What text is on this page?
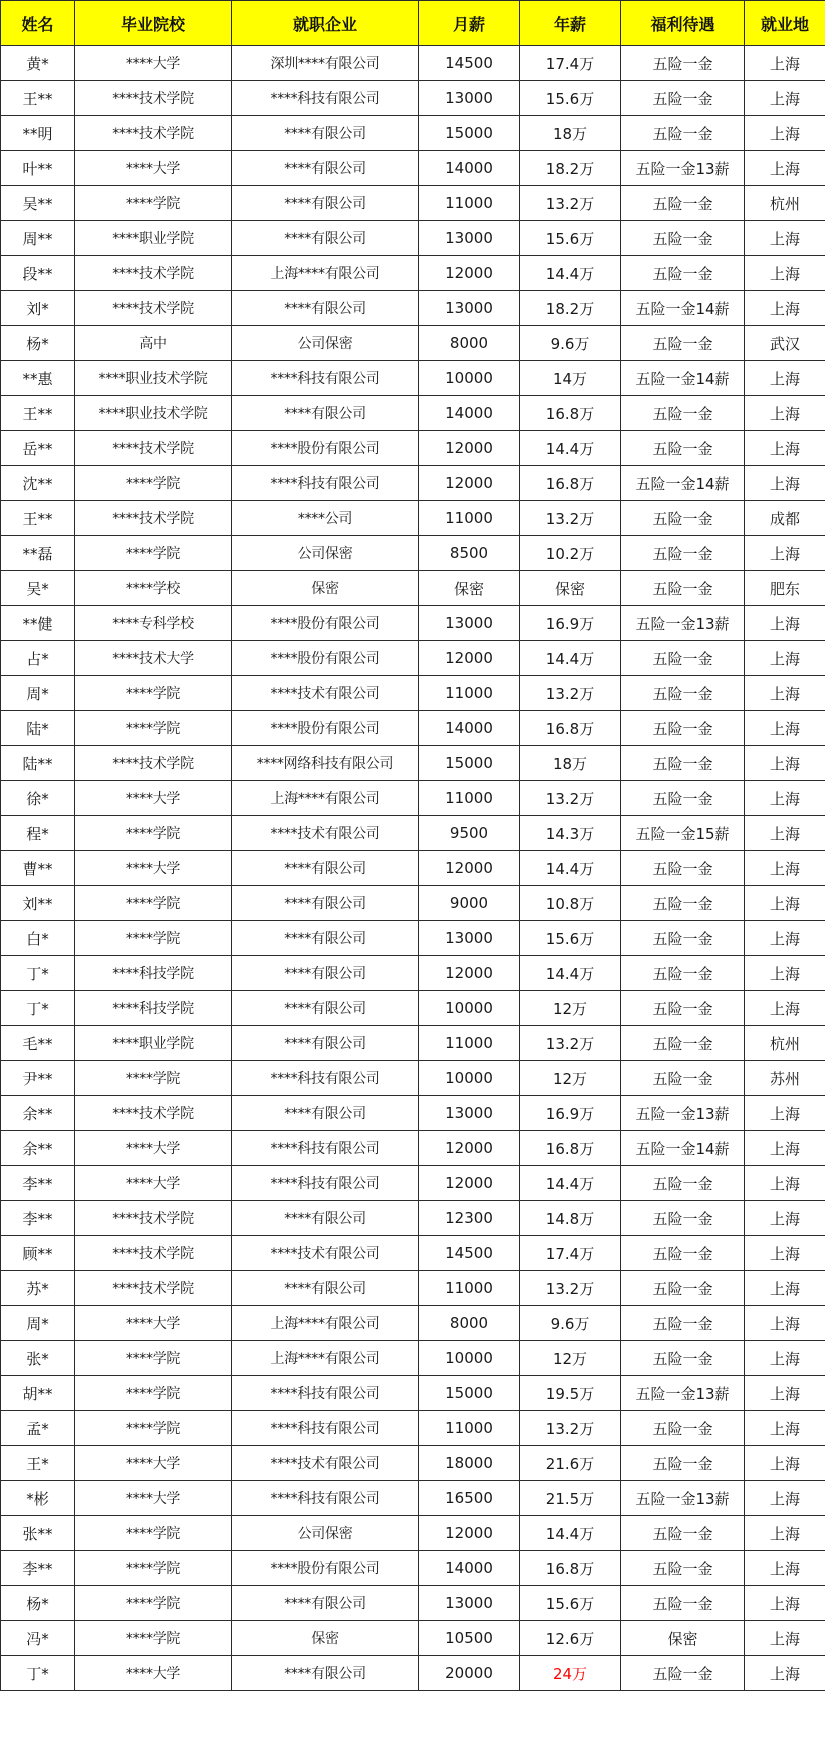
姓名	毕业院校	就职企业	月薪	年薪	福利待遇	就业地
黄*	****大学	深圳****有限公司	14500	17.4万	五险一金	上海
王**	****技术学院	****科技有限公司	13000	15.6万	五险一金	上海
**明	****技术学院	****有限公司	15000	18万	五险一金	上海
叶**	****大学	****有限公司	14000	18.2万	五险一金13薪	上海
吴**	****学院	****有限公司	11000	13.2万	五险一金	杭州
周**	****职业学院	****有限公司	13000	15.6万	五险一金	上海
段**	****技术学院	上海****有限公司	12000	14.4万	五险一金	上海
刘*	****技术学院	****有限公司	13000	18.2万	五险一金14薪	上海
杨*	高中	公司保密	8000	9.6万	五险一金	武汉
**惠	****职业技术学院	****科技有限公司	10000	14万	五险一金14薪	上海
王**	****职业技术学院	****有限公司	14000	16.8万	五险一金	上海
岳**	****技术学院	****股份有限公司	12000	14.4万	五险一金	上海
沈**	****学院	****科技有限公司	12000	16.8万	五险一金14薪	上海
王**	****技术学院	****公司	11000	13.2万	五险一金	成都
**磊	****学院	公司保密	8500	10.2万	五险一金	上海
吴*	****学校	保密	保密	保密	五险一金	肥东
**健	****专科学校	****股份有限公司	13000	16.9万	五险一金13薪	上海
占*	****技术大学	****股份有限公司	12000	14.4万	五险一金	上海
周*	****学院	****技术有限公司	11000	13.2万	五险一金	上海
陆*	****学院	****股份有限公司	14000	16.8万	五险一金	上海
陆**	****技术学院	****网络科技有限公司	15000	18万	五险一金	上海
徐*	****大学	上海****有限公司	11000	13.2万	五险一金	上海
程*	****学院	****技术有限公司	9500	14.3万	五险一金15薪	上海
曹**	****大学	****有限公司	12000	14.4万	五险一金	上海
刘**	****学院	****有限公司	9000	10.8万	五险一金	上海
白*	****学院	****有限公司	13000	15.6万	五险一金	上海
丁*	****科技学院	****有限公司	12000	14.4万	五险一金	上海
丁*	****科技学院	****有限公司	10000	12万	五险一金	上海
毛**	****职业学院	****有限公司	11000	13.2万	五险一金	杭州
尹**	****学院	****科技有限公司	10000	12万	五险一金	苏州
余**	****技术学院	****有限公司	13000	16.9万	五险一金13薪	上海
余**	****大学	****科技有限公司	12000	16.8万	五险一金14薪	上海
李**	****大学	****科技有限公司	12000	14.4万	五险一金	上海
李**	****技术学院	****有限公司	12300	14.8万	五险一金	上海
顾**	****技术学院	****技术有限公司	14500	17.4万	五险一金	上海
苏*	****技术学院	****有限公司	11000	13.2万	五险一金	上海
周*	****大学	上海****有限公司	8000	9.6万	五险一金	上海
张*	****学院	上海****有限公司	10000	12万	五险一金	上海
胡**	****学院	****科技有限公司	15000	19.5万	五险一金13薪	上海
孟*	****学院	****科技有限公司	11000	13.2万	五险一金	上海
王*	****大学	****技术有限公司	18000	21.6万	五险一金	上海
*彬	****大学	****科技有限公司	16500	21.5万	五险一金13薪	上海
张**	****学院	公司保密	12000	14.4万	五险一金	上海
李**	****学院	****股份有限公司	14000	16.8万	五险一金	上海
杨*	****学院	****有限公司	13000	15.6万	五险一金	上海
冯*	****学院	保密	10500	12.6万	保密	上海
丁*	****大学	****有限公司	20000	24万	五险一金	上海
